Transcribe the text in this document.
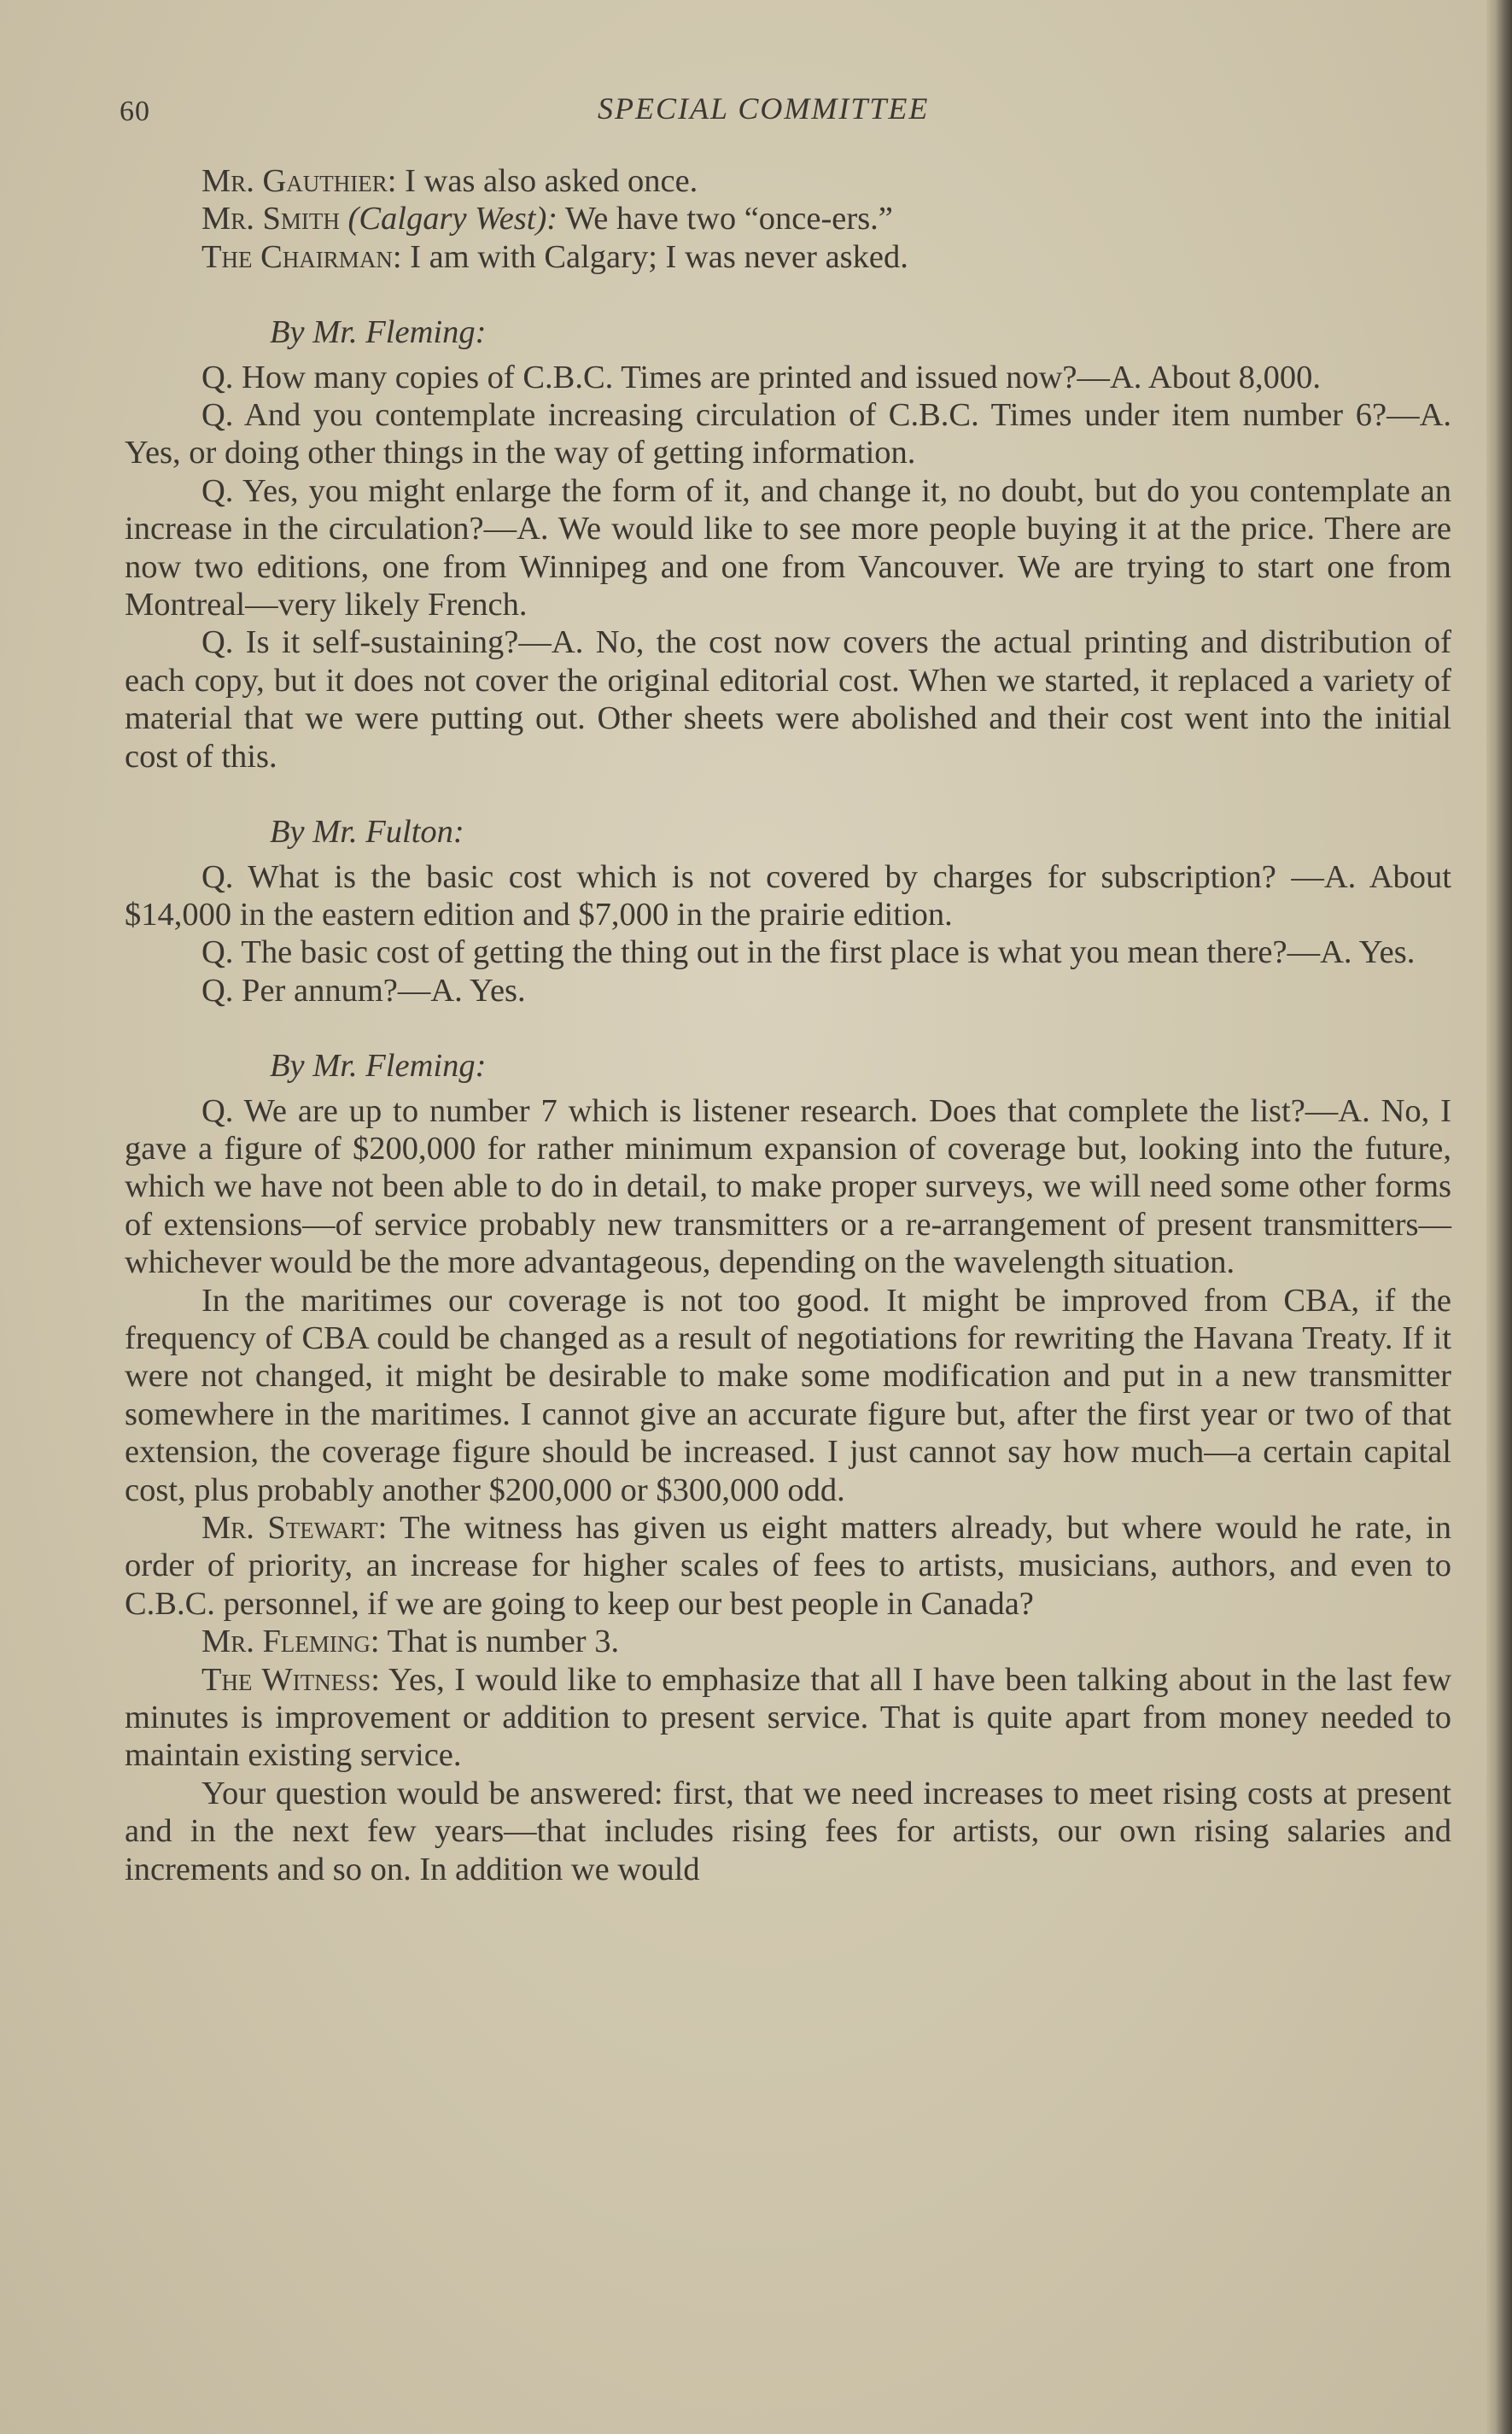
60	SPECIAL COMMITTEE

Mr. Gauthier: I was also asked once.

Mr. Smith (Calgary West): We have two “once-ers.”

The Chairman: I am with Calgary; I was never asked.

By Mr. Fleming:

Q. How many copies of C.B.C. Times are printed and issued now?—A. About 8,000.

Q. And you contemplate increasing circulation of C.B.C. Times under item number 6?—A. Yes, or doing other things in the way of getting information.

Q. Yes, you might enlarge the form of it, and change it, no doubt, but do you contemplate an increase in the circulation?—A. We would like to see more people buying it at the price. There are now two editions, one from Winnipeg and one from Vancouver. We are trying to start one from Montreal—very likely French.

Q. Is it self-sustaining?—A. No, the cost now covers the actual printing and distribution of each copy, but it does not cover the original editorial cost. When we started, it replaced a variety of material that we were putting out. Other sheets were abolished and their cost went into the initial cost of this.

By Mr. Fulton:

Q. What is the basic cost which is not covered by charges for subscription? —A. About $14,000 in the eastern edition and $7,000 in the prairie edition.

Q. The basic cost of getting the thing out in the first place is what you mean there?—A. Yes.

Q. Per annum?—A. Yes.

By Mr. Fleming:

Q. We are up to number 7 which is listener research. Does that complete the list?—A. No, I gave a figure of $200,000 for rather minimum expansion of coverage but, looking into the future, which we have not been able to do in detail, to make proper surveys, we will need some other forms of extensions—of service probably new transmitters or a re-arrangement of present transmitters—whichever would be the more advantageous, depending on the wavelength situation.

In the maritimes our coverage is not too good. It might be improved from CBA, if the frequency of CBA could be changed as a result of negotiations for rewriting the Havana Treaty. If it were not changed, it might be desirable to make some modification and put in a new transmitter somewhere in the maritimes. I cannot give an accurate figure but, after the first year or two of that extension, the coverage figure should be increased. I just cannot say how much—a certain capital cost, plus probably another $200,000 or $300,000 odd.

Mr. Stewart: The witness has given us eight matters already, but where would he rate, in order of priority, an increase for higher scales of fees to artists, musicians, authors, and even to C.B.C. personnel, if we are going to keep our best people in Canada?

Mr. Fleming: That is number 3.

The Witness: Yes, I would like to emphasize that all I have been talking about in the last few minutes is improvement or addition to present service. That is quite apart from money needed to maintain existing service.

Your question would be answered: first, that we need increases to meet rising costs at present and in the next few years—that includes rising fees for artists, our own rising salaries and increments and so on. In addition we would
